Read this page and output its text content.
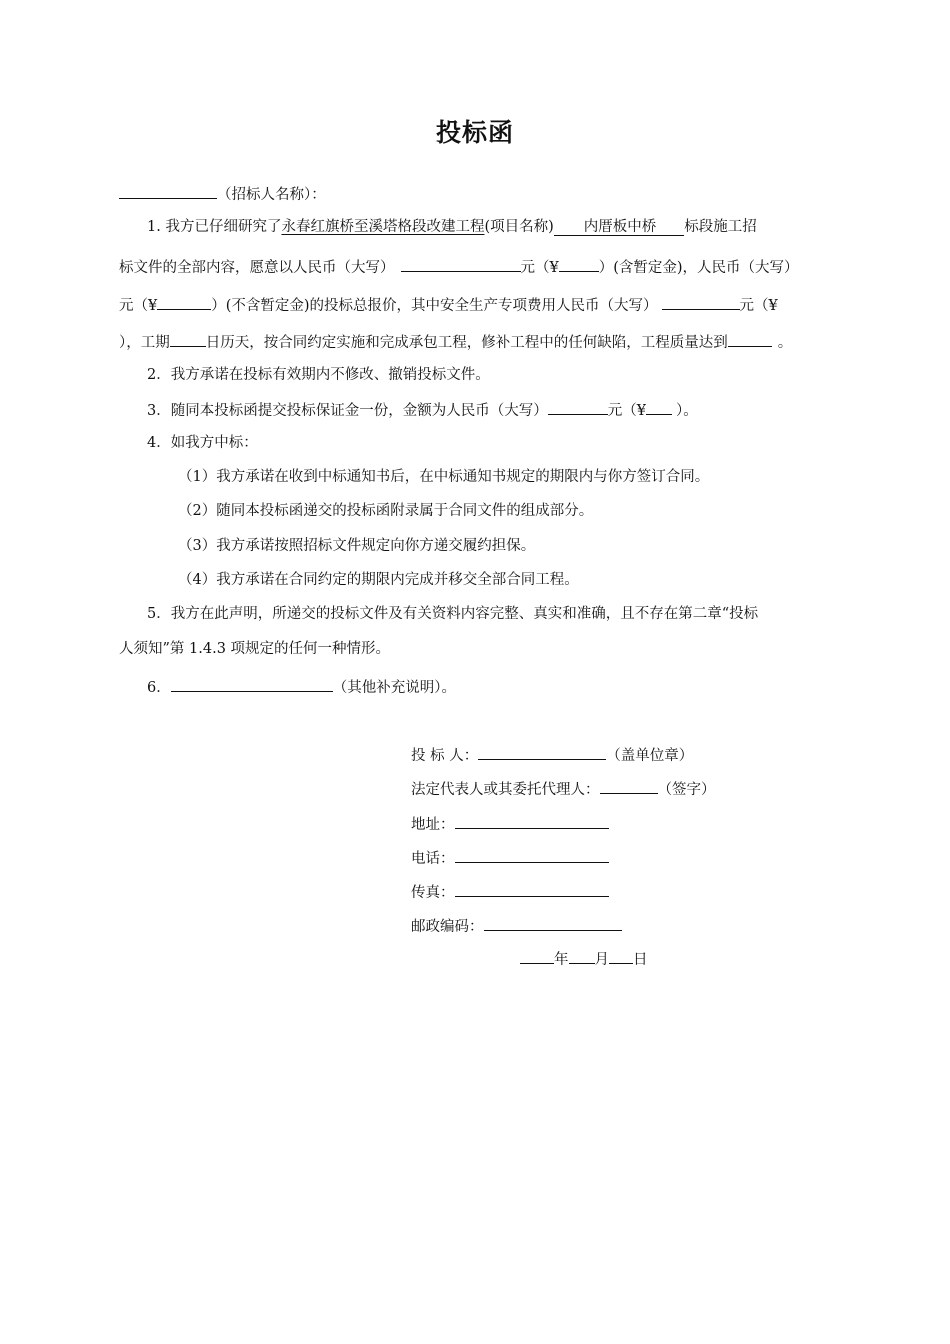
投标函
（招标人名称）：
1. 我方已仔细研究了永春红旗桥至溪塔格段改建工程(项目名称) 内厝板中桥 标段施工招
标文件的全部内容，愿意以人民币（大写）	元（¥	）(含暂定金)，人民币（大写）
元（¥	）(不含暂定金)的投标总报价，其中安全生产专项费用人民币（大写）	元（¥
），工期 日历天，按合同约定实施和完成承包工程，修补工程中的任何缺陷，工程质量达到	。
2．我方承诺在投标有效期内不修改、撤销投标文件。
3．随同本投标函提交投标保证金一份，金额为人民币（大写）	元（¥ ）。
4．如我方中标：
（1）我方承诺在收到中标通知书后，在中标通知书规定的期限内与你方签订合同。
（2）随同本投标函递交的投标函附录属于合同文件的组成部分。
（3）我方承诺按照招标文件规定向你方递交履约担保。
（4）我方承诺在合同约定的期限内完成并移交全部合同工程。
5．我方在此声明，所递交的投标文件及有关资料内容完整、真实和准确，且不存在第二章“投标
人须知”第 1.4.3 项规定的任何一种情形。
6．	（其他补充说明）。
投 标 人：	（盖单位章）
法定代表人或其委托代理人：	（签字）
地址：
电话：
传真：
邮政编码：
年 月 日
